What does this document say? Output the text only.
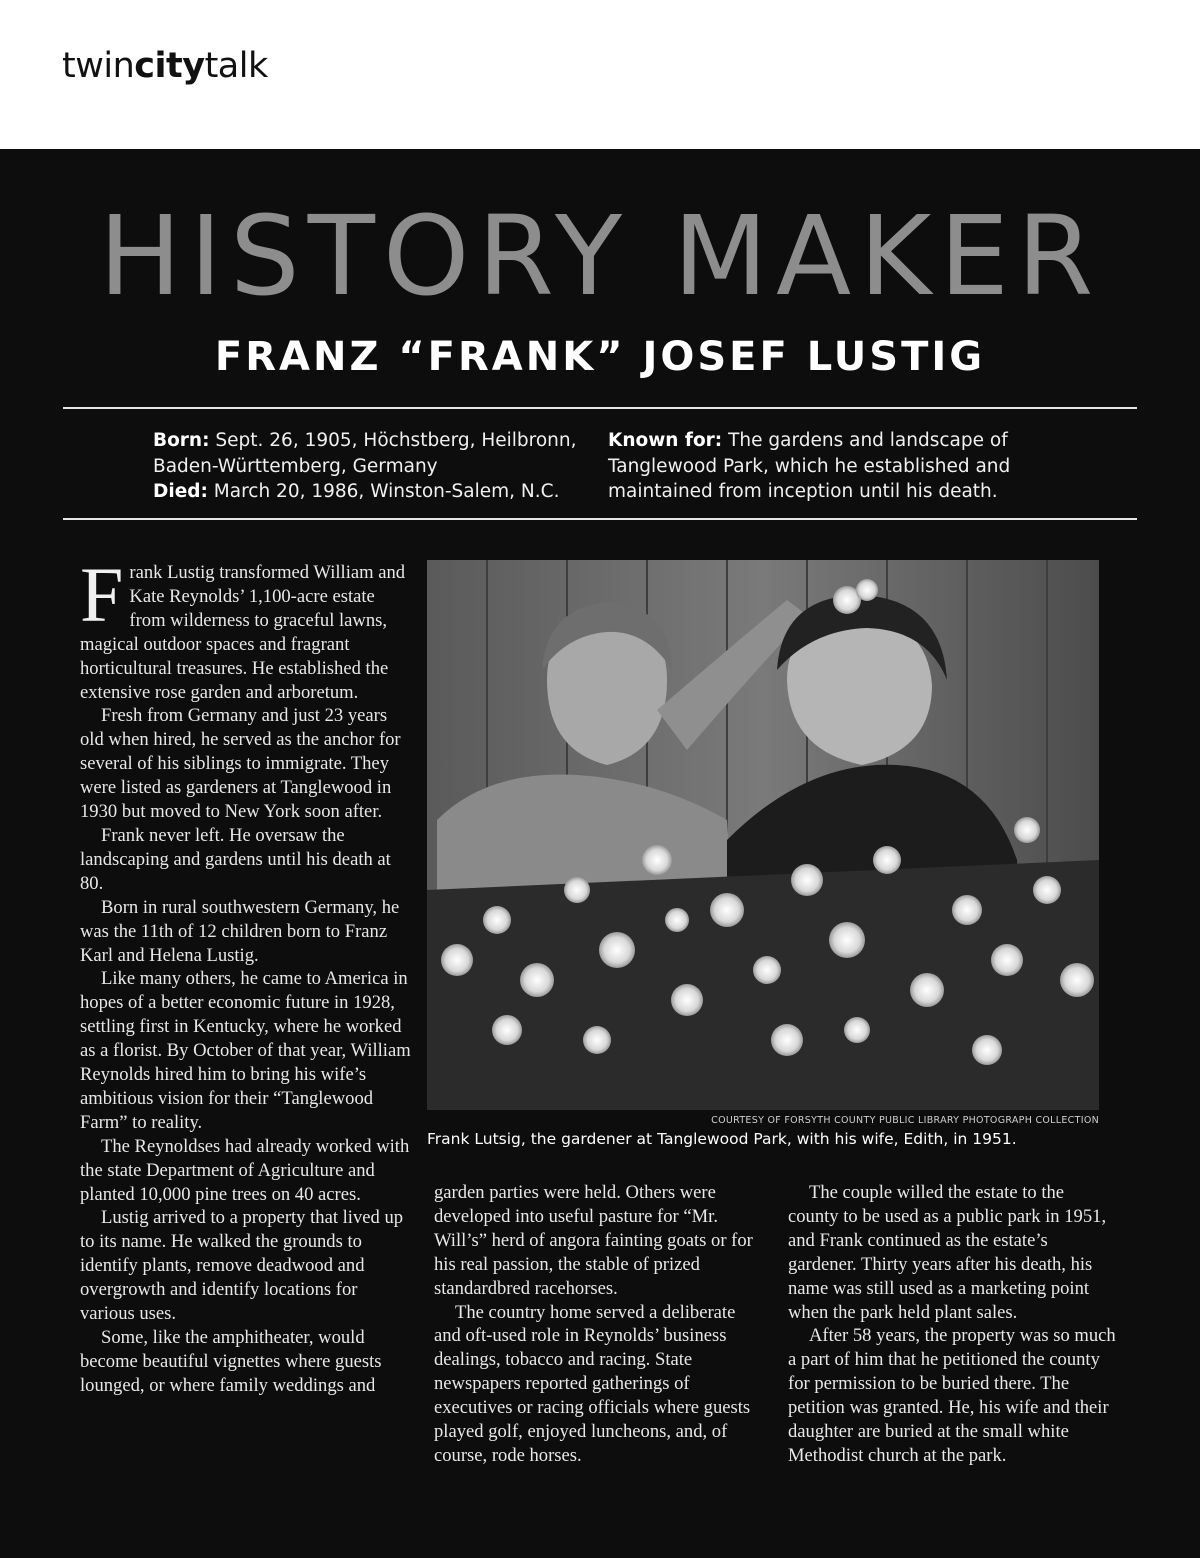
twincitytalk
HISTORY MAKER
FRANZ “FRANK” JOSEF LUSTIG
Born: Sept. 26, 1905, Höchstberg, Heilbronn, Baden-Württemberg, Germany
Died: March 20, 1986, Winston-Salem, N.C.
Known for: The gardens and landscape of Tanglewood Park, which he established and maintained from inception until his death.

Frank Lustig transformed William and Kate Reynolds’ 1,100-acre estate from wilderness to graceful lawns, magical outdoor spaces and fragrant horticultural treasures. He established the extensive rose garden and arboretum.

Fresh from Germany and just 23 years old when hired, he served as the anchor for several of his siblings to immigrate. They were listed as gardeners at Tanglewood in 1930 but moved to New York soon after.

Frank never left. He oversaw the landscaping and gardens until his death at 80.

Born in rural southwestern Germany, he was the 11th of 12 children born to Franz Karl and Helena Lustig.

Like many others, he came to America in hopes of a better economic future in 1928, settling first in Kentucky, where he worked as a florist. By October of that year, William Reynolds hired him to bring his wife’s ambitious vision for their “Tanglewood Farm” to reality.

The Reynoldses had already worked with the state Department of Agriculture and planted 10,000 pine trees on 40 acres.

Lustig arrived to a property that lived up to its name. He walked the grounds to identify plants, remove deadwood and overgrowth and identify locations for various uses.

Some, like the amphitheater, would become beautiful vignettes where guests lounged, or where family weddings and

COURTESY OF FORSYTH COUNTY PUBLIC LIBRARY PHOTOGRAPH COLLECTION
Frank Lutsig, the gardener at Tanglewood Park, with his wife, Edith, in 1951.

garden parties were held. Others were developed into useful pasture for “Mr. Will’s” herd of angora fainting goats or for his real passion, the stable of prized standardbred racehorses.

The country home served a deliberate and oft-used role in Reynolds’ business dealings, tobacco and racing. State newspapers reported gatherings of executives or racing officials where guests played golf, enjoyed luncheons, and, of course, rode horses.

The couple willed the estate to the county to be used as a public park in 1951, and Frank continued as the estate’s gardener. Thirty years after his death, his name was still used as a marketing point when the park held plant sales.

After 58 years, the property was so much a part of him that he petitioned the county for permission to be buried there. The petition was granted. He, his wife and their daughter are buried at the small white Methodist church at the park.
